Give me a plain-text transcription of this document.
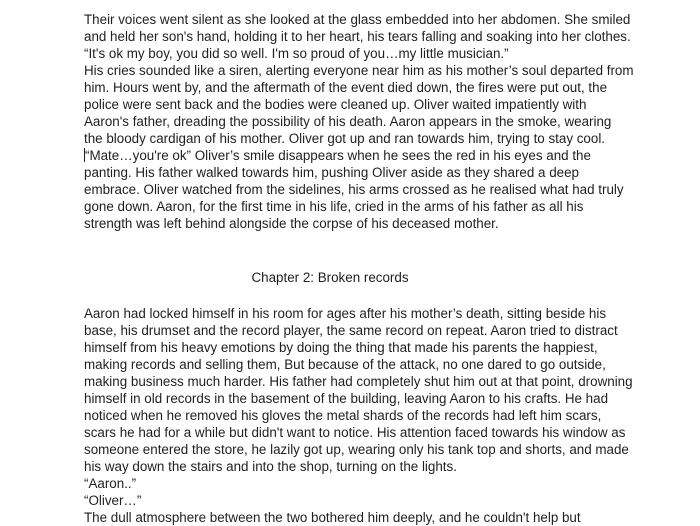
Their voices went silent as she looked at the glass embedded into her abdomen. She smiled
and held her son's hand, holding it to her heart, his tears falling and soaking into her clothes.
“It's ok my boy, you did so well. I'm so proud of you…my little musician.”
His cries sounded like a siren, alerting everyone near him as his mother’s soul departed from
him. Hours went by, and the aftermath of the event died down, the fires were put out, the
police were sent back and the bodies were cleaned up. Oliver waited impatiently with
Aaron's father, dreading the possibility of his death. Aaron appears in the smoke, wearing
the bloody cardigan of his mother. Oliver got up and ran towards him, trying to stay cool.
“Mate…you're ok” Oliver’s smile disappears when he sees the red in his eyes and the
panting. His father walked towards him, pushing Oliver aside as they shared a deep
embrace. Oliver watched from the sidelines, his arms crossed as he realised what had truly
gone down. Aaron, for the first time in his life, cried in the arms of his father as all his
strength was left behind alongside the corpse of his deceased mother.
Chapter 2: Broken records
Aaron had locked himself in his room for ages after his mother’s death, sitting beside his
base, his drumset and the record player, the same record on repeat. Aaron tried to distract
himself from his heavy emotions by doing the thing that made his parents the happiest,
making records and selling them, But because of the attack, no one dared to go outside,
making business much harder. His father had completely shut him out at that point, drowning
himself in old records in the basement of the building, leaving Aaron to his crafts. He had
noticed when he removed his gloves the metal shards of the records had left him scars,
scars he had for a while but didn't want to notice. His attention faced towards his window as
someone entered the store, he lazily got up, wearing only his tank top and shorts, and made
his way down the stairs and into the shop, turning on the lights.
“Aaron..”
“Oliver…”
The dull atmosphere between the two bothered him deeply, and he couldn't help but
